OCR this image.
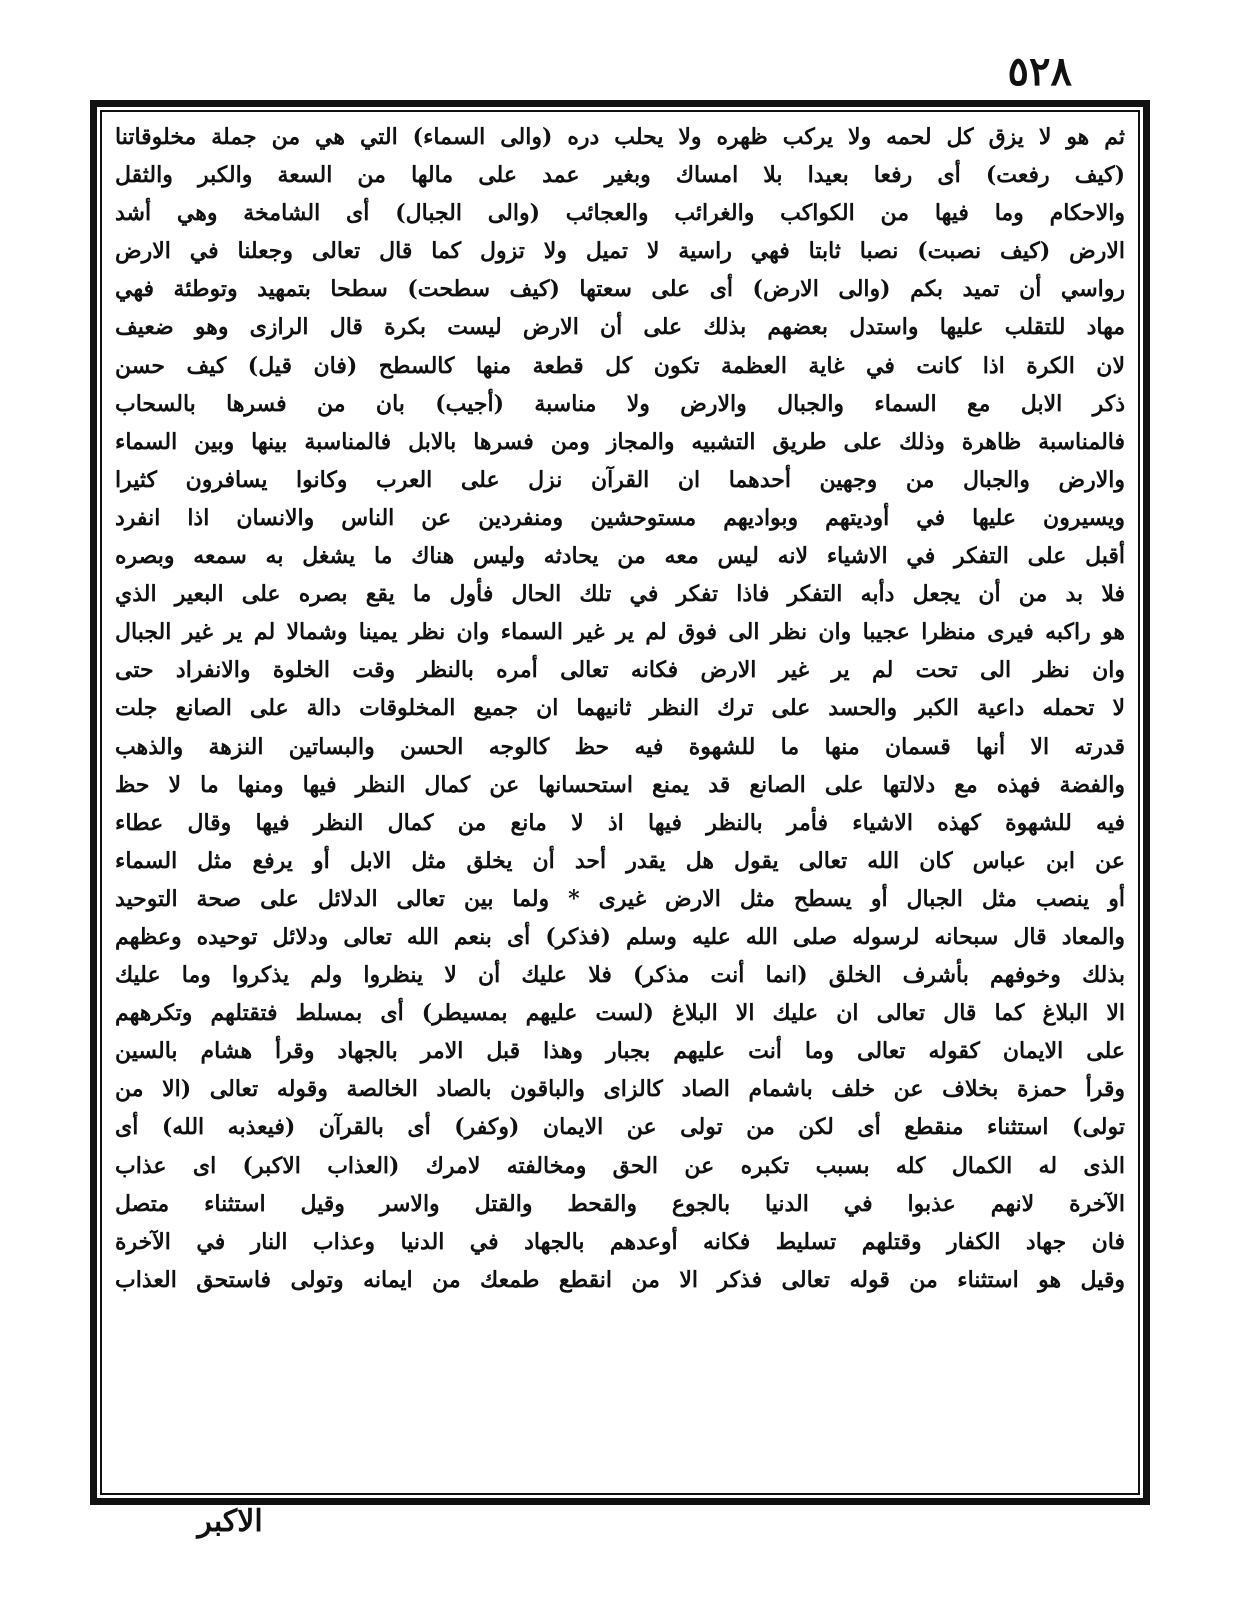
٥٢٨
ثم هو لا يزق كل لحمه ولا يركب ظهره ولا يحلب دره (والى السماء) التي هي من جملة مخلوقاتنا
(كيف رفعت) أى رفعا بعيدا بلا امساك وبغير عمد على مالها من السعة والكبر والثقل
والاحكام وما فيها من الكواكب والغرائب والعجائب (والى الجبال) أى الشامخة وهي أشد
الارض (كيف نصبت) نصبا ثابتا فهي راسية لا تميل ولا تزول كما قال تعالى وجعلنا في الارض
رواسي أن تميد بكم (والى الارض) أى على سعتها (كيف سطحت) سطحا بتمهيد وتوطئة فهي
مهاد للتقلب عليها واستدل بعضهم بذلك على أن الارض ليست بكرة قال الرازى وهو ضعيف
لان الكرة اذا كانت في غاية العظمة تكون كل قطعة منها كالسطح (فان قيل) كيف حسن
ذكر الابل مع السماء والجبال والارض ولا مناسبة (أجيب) بان من فسرها بالسحاب
فالمناسبة ظاهرة وذلك على طريق التشبيه والمجاز ومن فسرها بالابل فالمناسبة بينها وبين السماء
والارض والجبال من وجهين أحدهما ان القرآن نزل على العرب وكانوا يسافرون كثيرا
ويسيرون عليها في أوديتهم وبواديهم مستوحشين ومنفردين عن الناس والانسان اذا انفرد
أقبل على التفكر في الاشياء لانه ليس معه من يحادثه وليس هناك ما يشغل به سمعه وبصره
فلا بد من أن يجعل دأبه التفكر فاذا تفكر في تلك الحال فأول ما يقع بصره على البعير الذي
هو راكبه فيرى منظرا عجيبا وان نظر الى فوق لم ير غير السماء وان نظر يمينا وشمالا لم ير غير الجبال
وان نظر الى تحت لم ير غير الارض فكانه تعالى أمره بالنظر وقت الخلوة والانفراد حتى
لا تحمله داعية الكبر والحسد على ترك النظر ثانيهما ان جميع المخلوقات دالة على الصانع جلت
قدرته الا أنها قسمان منها ما للشهوة فيه حظ كالوجه الحسن والبساتين النزهة والذهب
والفضة فهذه مع دلالتها على الصانع قد يمنع استحسانها عن كمال النظر فيها ومنها ما لا حظ
فيه للشهوة كهذه الاشياء فأمر بالنظر فيها اذ لا مانع من كمال النظر فيها وقال عطاء
عن ابن عباس كان الله تعالى يقول هل يقدر أحد أن يخلق مثل الابل أو يرفع مثل السماء
أو ينصب مثل الجبال أو يسطح مثل الارض غيرى * ولما بين تعالى الدلائل على صحة التوحيد
والمعاد قال سبحانه لرسوله صلى الله عليه وسلم (فذكر) أى بنعم الله تعالى ودلائل توحيده وعظهم
بذلك وخوفهم بأشرف الخلق (انما أنت مذكر) فلا عليك أن لا ينظروا ولم يذكروا وما عليك
الا البلاغ كما قال تعالى ان عليك الا البلاغ (لست عليهم بمسيطر) أى بمسلط فتقتلهم وتكرههم
على الايمان كقوله تعالى وما أنت عليهم بجبار وهذا قبل الامر بالجهاد وقرأ هشام بالسين
وقرأ حمزة بخلاف عن خلف باشمام الصاد كالزاى والباقون بالصاد الخالصة وقوله تعالى (الا من
تولى) استثناء منقطع أى لكن من تولى عن الايمان (وكفر) أى بالقرآن (فيعذبه الله) أى
الذى له الكمال كله بسبب تكبره عن الحق ومخالفته لامرك (العذاب الاكبر) اى عذاب
الآخرة لانهم عذبوا في الدنيا بالجوع والقحط والقتل والاسر وقيل استثناء متصل
فان جهاد الكفار وقتلهم تسليط فكانه أوعدهم بالجهاد في الدنيا وعذاب النار في الآخرة
وقيل هو استثناء من قوله تعالى فذكر الا من انقطع طمعك من ايمانه وتولى فاستحق العذاب
الاكبر
